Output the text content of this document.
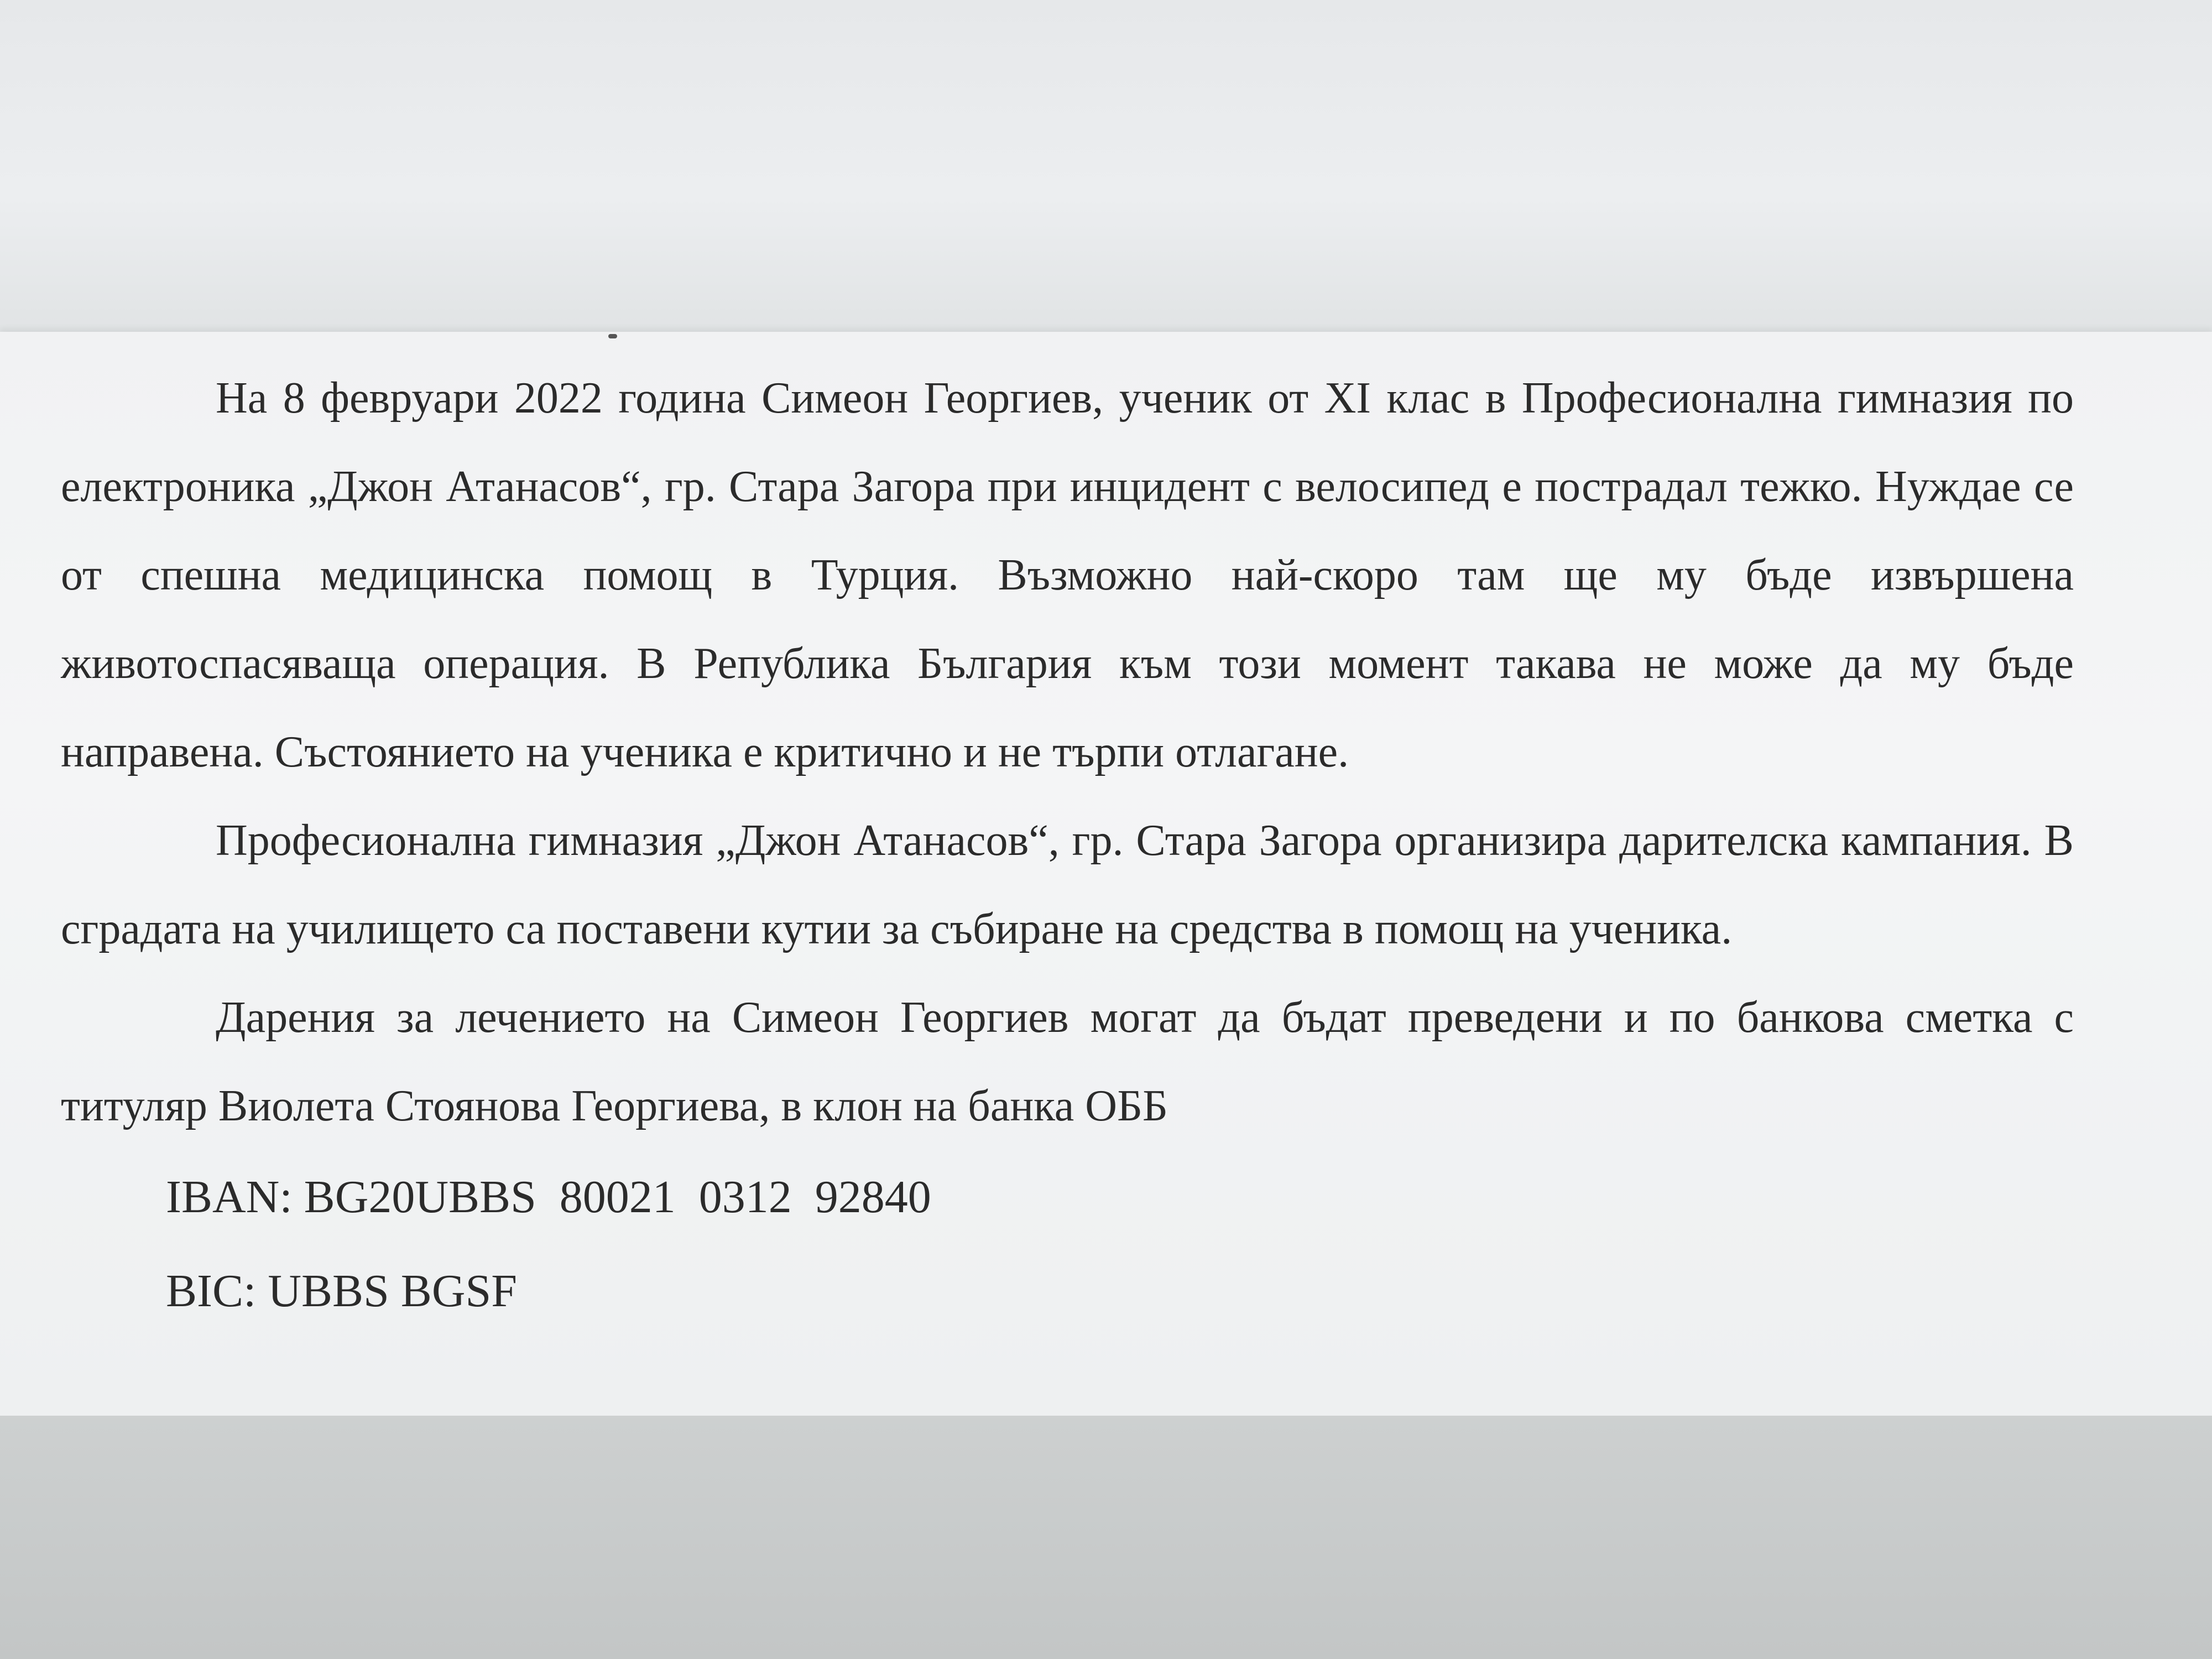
На 8 февруари 2022 година Симеон Георгиев, ученик от XI клас в Професионална гимназия по електроника „Джон Атанасов“, гр. Стара Загора при инцидент с велосипед е пострадал тежко. Нуждае се от спешна медицинска помощ в Турция. Възможно най-скоро там ще му бъде извършена животоспасяваща операция. В Република България към този момент такава не може да му бъде направена. Състоянието на ученика е критично и не търпи отлагане.

Професионална гимназия „Джон Атанасов“, гр. Стара Загора организира дарителска кампания. В сградата на училището са поставени кутии за събиране на средства в помощ на ученика.

Дарения за лечението на Симеон Георгиев могат да бъдат преведени и по банкова сметка с титуляр Виолета Стоянова Георгиева, в клон на банка ОББ

IBAN: BG20UBBS  80021  0312  92840

BIC: UBBS BGSF
